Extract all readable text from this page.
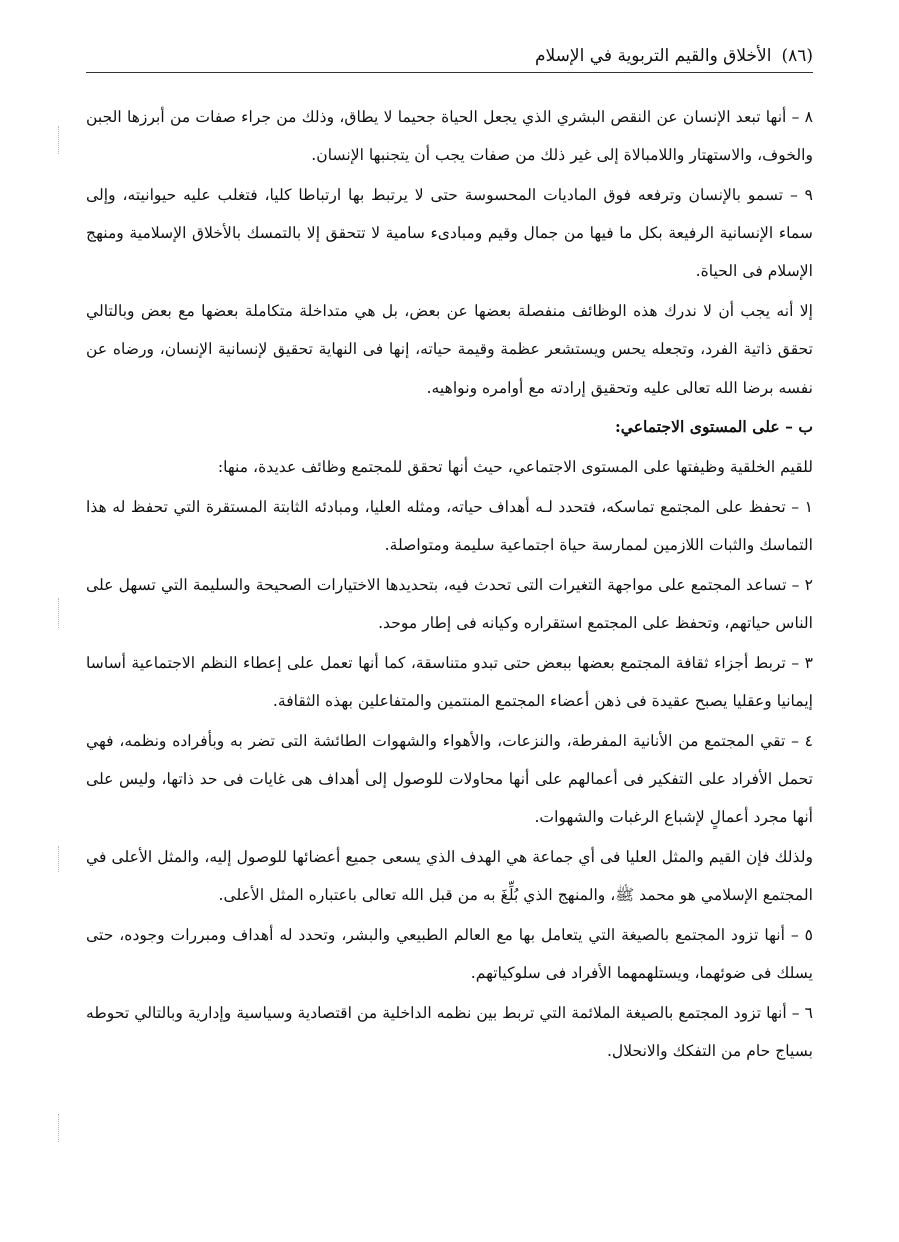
(٨٦)
الأخلاق والقيم التربوية في الإسلام

٨ – أنها تبعد الإنسان عن النقص البشري الذي يجعل الحياة جحيما لا يطاق، وذلك من جراء صفات من أبرزها الجبن والخوف، والاستهتار واللامبالاة إلى غير ذلك من صفات يجب أن يتجنبها الإنسان.

٩ – تسمو بالإنسان وترفعه فوق الماديات المحسوسة حتى لا يرتبط بها ارتباطا كليا، فتغلب عليه حيوانيته، وإلى سماء الإنسانية الرفيعة بكل ما فيها من جمال وقيم ومبادىء سامية لا تتحقق إلا بالتمسك بالأخلاق الإسلامية ومنهج الإسلام فى الحياة.

إلا أنه يجب أن لا ندرك هذه الوظائف منفصلة بعضها عن بعض، بل هي متداخلة متكاملة بعضها مع بعض وبالتالي تحقق ذاتية الفرد، وتجعله يحس ويستشعر عظمة وقيمة حياته، إنها فى النهاية تحقيق لإنسانية الإنسان، ورضاه عن نفسه برضا الله تعالى عليه وتحقيق إرادته مع أوامره ونواهيه.

ب – على المستوى الاجتماعي:

للقيم الخلقية وظيفتها على المستوى الاجتماعي، حيث أنها تحقق للمجتمع وظائف عديدة، منها:

١ – تحفظ على المجتمع تماسكه، فتحدد لـه أهداف حياته، ومثله العليا، ومبادئه الثابتة المستقرة التي تحفظ له هذا التماسك والثبات اللازمين لممارسة حياة اجتماعية سليمة ومتواصلة.

٢ – تساعد المجتمع على مواجهة التغيرات التى تحدث فيه، بتحديدها الاختيارات الصحيحة والسليمة التي تسهل على الناس حياتهم، وتحفظ على المجتمع استقراره وكيانه فى إطار موحد.

٣ – تربط أجزاء ثقافة المجتمع بعضها ببعض حتى تبدو متناسقة، كما أنها تعمل على إعطاء النظم الاجتماعية أساسا إيمانيا وعقليا يصبح عقيدة فى ذهن أعضاء المجتمع المنتمين والمتفاعلين بهذه الثقافة.

٤ – تقي المجتمع من الأنانية المفرطة، والنزعات، والأهواء والشهوات الطائشة التى تضر به وبأفراده ونظمه، فهي تحمل الأفراد على التفكير فى أعمالهم على أنها محاولات للوصول إلى أهداف هى غايات فى حد ذاتها، وليس على أنها مجرد أعمالٍ لإشباع الرغبات والشهوات.

ولذلك فإن القيم والمثل العليا فى أي جماعة هي الهدف الذي يسعى جميع أعضائها للوصول إليه، والمثل الأعلى في المجتمع الإسلامي هو محمد ﷺ، والمنهج الذي بُلِّغَ به من قبل الله تعالى باعتباره المثل الأعلى.

٥ – أنها تزود المجتمع بالصيغة التي يتعامل بها مع العالم الطبيعي والبشر، وتحدد له أهداف ومبررات وجوده، حتى يسلك فى ضوئهما، ويستلهمهما الأفراد فى سلوكياتهم.

٦ – أنها تزود المجتمع بالصيغة الملائمة التي تربط بين نظمه الداخلية من اقتصادية وسياسية وإدارية وبالتالي تحوطه بسياج حام من التفكك والانحلال.
